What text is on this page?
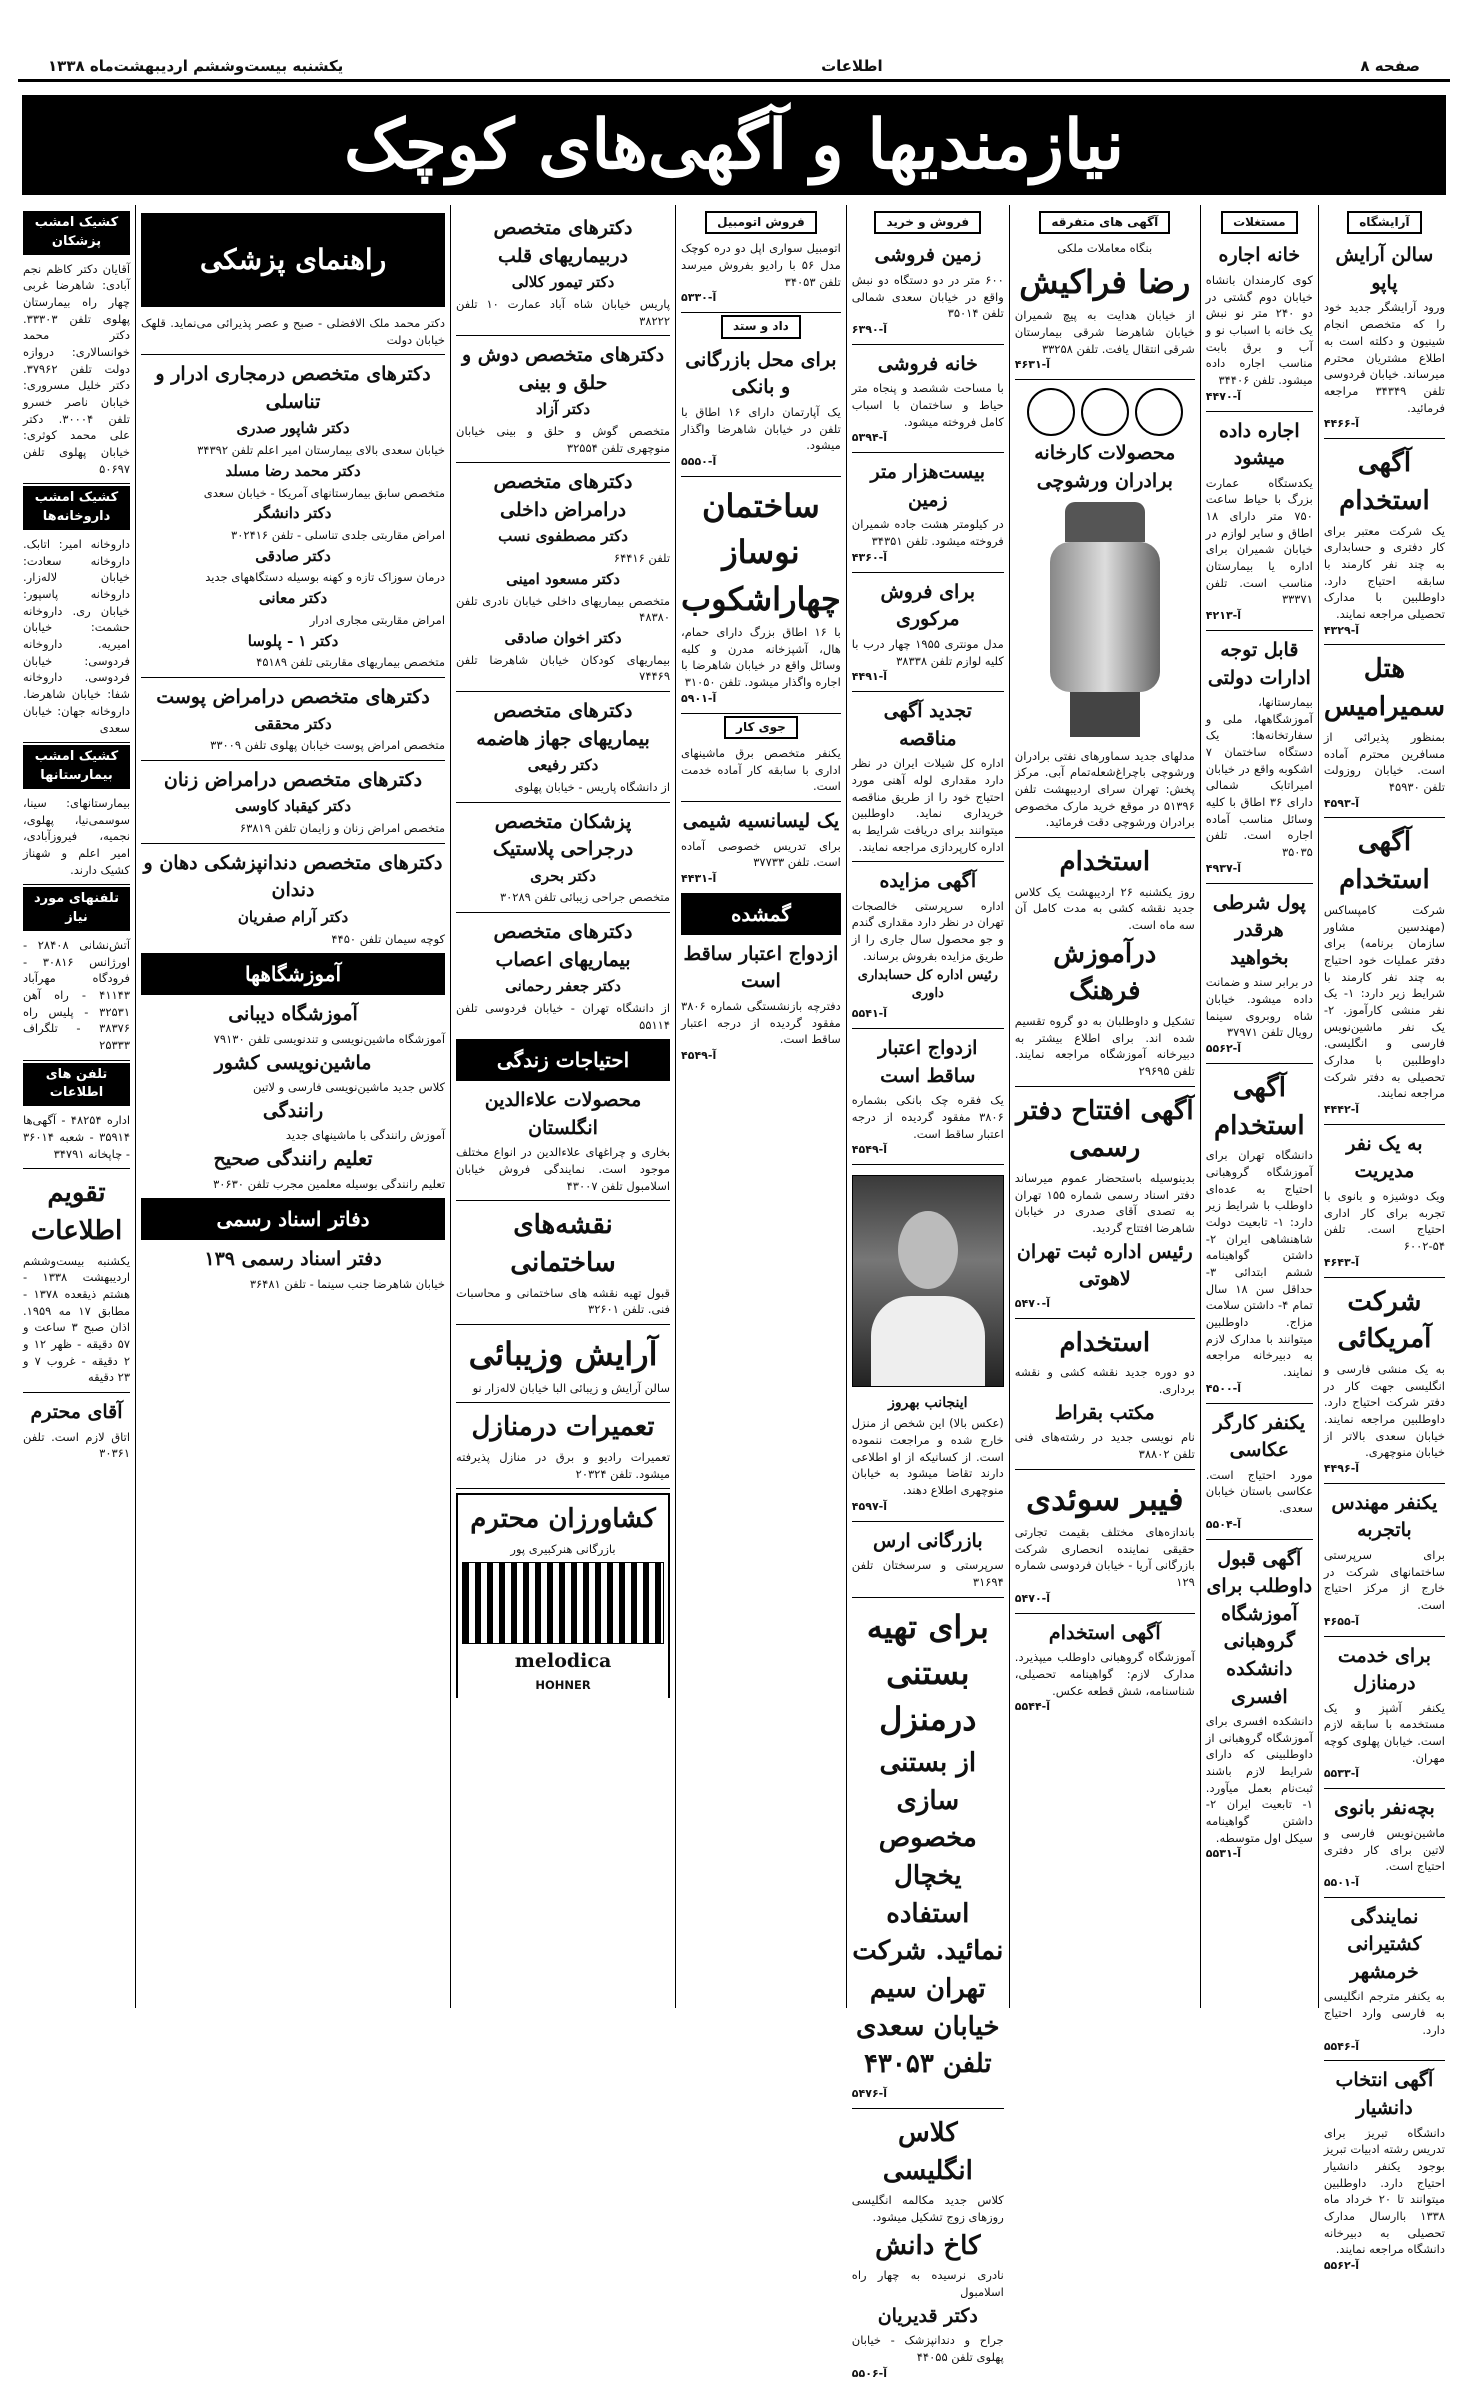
صفحه ۸
اطلاعات
یکشنبه بیست‌وششم اردیبهشت‌ماه ۱۳۳۸
نیازمندیها و آگهی‌های کوچک
آرایشگاه
سالن آرایش پاپو
ورود آرایشگر جدید خود را که متخصص انجام شینیون و دکلته است به اطلاع مشتریان محترم میرساند. خیابان فردوسی تلفن ۳۴۳۴۹ مراجعه فرمائید.
آ-۴۴۶۶
آگهی استخدام
یک شرکت معتبر برای کار دفتری و حسابداری به چند نفر کارمند با سابقه احتیاج دارد. داوطلبین با مدارک تحصیلی مراجعه نمایند.
آ-۴۳۲۹
هتل سمیرامیس
بمنظور پذیرائی از مسافرین محترم آماده است. خیابان روزولت تلفن ۴۵۹۳۰
آ-۴۵۹۳
آگهی استخدام
شرکت کامپساکس (مهندسین مشاور سازمان برنامه) برای دفتر عملیات خود احتیاج به چند نفر کارمند با شرایط زیر دارد: ۱- یک نفر منشی کارآموز. ۲- یک نفر ماشین‌نویس فارسی و انگلیسی. داوطلبین با مدارک تحصیلی به دفتر شرکت مراجعه نمایند.
آ-۴۴۴۲
به یک نفر مدیریت
ویک دوشیزه و بانوی با تجربه برای کار اداری احتیاج است. تلفن ۵۴-۶۰۰۲
آ-۴۶۴۳
شرکت آمریکائی
به یک منشی فارسی و انگلیسی جهت کار در دفتر شرکت احتیاج دارد. داوطلبین مراجعه نمایند. خیابان سعدی بالاتر از خیابان منوچهری.
آ-۴۴۹۶
یکنفر مهندس باتجربه
برای سرپرستی ساختمانهای شرکت در خارج از مرکز احتیاج است.
آ-۴۶۵۵
برای خدمت درمنازل
یکنفر آشپز و یک مستخدمه با سابقه لازم است. خیابان پهلوی کوچه مهران.
آ-۵۵۳۳
بچه‌نفر بانوی
ماشین‌نویس فارسی و لاتین برای کار دفتری احتیاج است.
آ-۵۵۰۱
نمایندگی کشتیرانی خرمشهر
به یکنفر مترجم انگلیسی به فارسی وارد احتیاج دارد.
آ-۵۵۴۶
آگهی انتخاب دانشیار
دانشگاه تبریز برای تدریس رشته ادبیات تبریز بوجود یکنفر دانشیار احتیاج دارد. داوطلبین میتوانند تا ۲۰ خرداد ماه ۱۳۳۸ باارسال مدارک تحصیلی به دبیرخانه دانشگاه مراجعه نمایند.
آ-۵۵۶۲
مستغلات
خانه اجاره
کوی کارمندان بانشاه خیابان دوم گشتی در دو ۲۴۰ متر نو نبش یک خانه با اسباب نو و آب و برق بابت مناسب اجاره داده میشود. تلفن ۳۴۴۰۶
آ-۴۴۷۰
اجاره داده میشود
یکدستگاه عمارت بزرگ با حیاط ساعت ۷۵۰ متر دارای ۱۸ اطاق و سایر لوازم در خیابان شمیران برای اداره یا بیمارستان مناسب است. تلفن ۳۳۳۷۱
آ-۴۲۱۳
قابل توجه ادارات دولتی
بیمارستانها، آموزشگاهها، ملی و سفارتخانه‌ها: یک دستگاه ساختمان ۷ اشکوبه واقع در خیابان امیراتابک شمالی دارای ۳۶ اطاق با کلیه وسائل مناسب آماده اجاره است. تلفن ۳۵۰۳۵
آ-۴۹۳۷
پول شرطی هرقدر بخواهید
در برابر سند و ضمانت داده میشود. خیابان شاه روبروی سینما رویال تلفن ۳۷۹۷۱
آ-۵۵۶۲
آگهی استخدام
دانشگاه تهران برای آموزشگاه گروهبانی احتیاج به عده‌ای داوطلب با شرایط زیر دارد: ۱- تابعیت دولت شاهنشاهی ایران ۲- داشتن گواهینامه ششم ابتدائی ۳- حداقل سن ۱۸ سال تمام ۴- داشتن سلامت مزاج. داوطلبین میتوانند با مدارک لازم به دبیرخانه مراجعه نمایند.
آ-۴۵۰۰
یکنفر کارگر عکاسی
مورد احتیاج است. عکاسی باستان خیابان سعدی.
آ-۵۵۰۴
آگهی قبول داوطلب برای آموزشگاه گروهبانی دانشکده افسری
دانشکده افسری برای آموزشگاه گروهبانی از داوطلبینی که دارای شرایط لازم باشند ثبت‌نام بعمل میآورد. ۱- تابعیت ایران ۲- داشتن گواهینامه سیکل اول متوسطه.
آ-۵۵۳۱
آگهی های متفرقه
بنگاه معاملات ملکی
رضا فراکیش
از خیابان هدایت به پیچ شمیران خیابان شاهرضا شرقی بیمارستان شرقی انتقال یافت. تلفن ۳۳۲۵۸
آ-۴۶۳۱
محصولات کارخانه برادران ورشوچی
مدلهای جدید سماورهای نفتی برادران ورشوچی باچراغ‌شعله‌تمام آبی. مرکز پخش: تهران سرای اردیبهشت تلفن ۵۱۳۹۶ در موقع خرید مارک مخصوص برادران ورشوچی دقت فرمائید.
استخدام
روز یکشنبه ۲۶ اردیبهشت یک کلاس جدید نقشه کشی به مدت کامل آن سه ماه است.
درآموزش فرهنگ
تشکیل و داوطلبان به دو گروه تقسیم شده اند. برای اطلاع بیشتر به دبیرخانه آموزشگاه مراجعه نمایند. تلفن ۲۹۶۹۵
آگهی افتتاح دفتر رسمی
بدینوسیله باستحضار عموم میرساند دفتر اسناد رسمی شماره ۱۵۵ تهران به تصدی آقای صدری در خیابان شاهرضا افتتاح گردید.
رئیس اداره ثبت تهران لاهوتی
آ-۵۴۷۰
استخدام
دو دوره جدید نقشه کشی و نقشه برداری.
مکتب بقراط
نام نویسی جدید در رشته‌های فنی تلفن ۳۸۸۰۲
فیبر سوئدی
باندازه‌های مختلف بقیمت تجارتی حقیقی نماینده انحصاری شرکت بازرگانی آریا - خیابان فردوسی شماره ۱۲۹
آ-۵۴۷۰
آگهی استخدام
آموزشگاه گروهبانی داوطلب میپذیرد. مدارک لازم: گواهینامه تحصیلی، شناسنامه، شش قطعه عکس.
آ-۵۵۴۴
فروش و خرید
زمین فروشی
۶۰۰ متر در دو دستگاه دو نبش واقع در خیابان سعدی شمالی تلفن ۳۵۰۱۴
آ-۶۳۹۰
خانه فروشی
با مساحت ششصد و پنجاه متر حیاط و ساختمان با اسباب کامل فروخته میشود.
آ-۵۳۹۴
بیست‌هزار متر زمین
در کیلومتر هشت جاده شمیران فروخته میشود. تلفن ۳۴۳۵۱
آ-۴۳۶۰
برای فروش مرکوری
مدل مونتری ۱۹۵۵ چهار درب با کلیه لوازم تلفن ۳۸۳۳۸
آ-۴۴۹۱
تجدید آگهی مناقصه
اداره کل شیلات ایران در نظر دارد مقداری لوله آهنی مورد احتیاج خود را از طریق مناقصه خریداری نماید. داوطلبین میتوانند برای دریافت شرایط به اداره کارپردازی مراجعه نمایند.
آگهی مزایده
اداره سرپرستی خالصجات تهران در نظر دارد مقداری گندم و جو محصول سال جاری را از طریق مزایده بفروش برساند.
رئیس اداره کل حسابداری داوری
آ-۵۵۴۱
ازدواج اعتبار ساقط است
یک فقره چک بانکی بشماره ۳۸۰۶ مفقود گردیده از درجه اعتبار ساقط است.
آ-۴۵۴۹
اینجانب بهروز
(عکس بالا) این شخص از منزل خارج شده و مراجعت ننموده است. از کسانیکه از او اطلاعی دارند تقاضا میشود به خیابان منوچهری اطلاع دهند.
آ-۴۵۹۷
بازرگانی ارس
سرپرستی و سرسختان تلفن ۳۱۶۹۴
برای تهیه بستنی درمنزل
از بستنی سازی مخصوص یخچال استفاده نمائید. شرکت تهران سیم خیابان سعدی تلفن ۴۳۰۵۳
آ-۵۴۷۶
کلاس انگلیسی
کلاس جدید مکالمه انگلیسی روزهای زوج تشکیل میشود.
کاخ دانش
نادری نرسیده به چهار راه اسلامبول
دکتر قدیریان
جراح و دندانپزشک - خیابان پهلوی تلفن ۴۴۰۵۵
آ-۵۵۰۶
فروش اتومبیل
اتومبیل سواری اپل دو دره کوچک مدل ۵۶ با رادیو بفروش میرسد تلفن ۳۴۰۵۳
آ-۵۳۳۰
داد و ستد
برای محل بازرگانی و بانکی
یک آپارتمان دارای ۱۶ اطاق با تلفن در خیابان شاهرضا واگذار میشود.
آ-۵۵۵۰
ساختمان نوساز چهاراشکوب
با ۱۶ اطاق بزرگ دارای حمام، هال، آشپزخانه مدرن و کلیه وسائل واقع در خیابان شاهرضا با اجاره واگذار میشود. تلفن ۳۱۰۵۰
آ-۵۹۰۱
جوی کار
یکنفر متخصص برق ماشینهای اداری با سابقه کار آماده خدمت است.
یک لیسانسیه شیمی
برای تدریس خصوصی آماده است. تلفن ۳۷۷۳۳
آ-۴۴۳۱
گمشده
ازدواج اعتبار ساقط است
دفترچه بازنشستگی شماره ۳۸۰۶ مفقود گردیده از درجه اعتبار ساقط است.
آ-۴۵۴۹
دکترهای متخصص دربیماریهای قلب
دکتر تیمور کلالی
پاریس خیابان شاه آباد عمارت ۱۰ تلفن ۳۸۲۲۲
دکترهای متخصص دوش و حلق و بینی
دکتر آزاد
متخصص گوش و حلق و بینی خیابان منوچهری تلفن ۳۲۵۵۴
دکترهای متخصص درامراض داخلی
دکتر مصطفوی نسب
تلفن ۶۴۴۱۶
دکتر مسعود امینی
متخصص بیماریهای داخلی خیابان نادری تلفن ۴۸۳۸۰
دکتر اخوان صادقی
بیماریهای کودکان خیابان شاهرضا تلفن ۷۴۴۶۹
دکترهای متخصص بیماریهای جهاز هاضمه
دکتر رفیعی
از دانشگاه پاریس - خیابان پهلوی
پزشکان متخصص درجراحی پلاستیک
دکتر بحری
متخصص جراحی زیبائی تلفن ۳۰۲۸۹
دکترهای متخصص بیماریهای اعصاب
دکتر جعفر رحمانی
از دانشگاه تهران - خیابان فردوسی تلفن ۵۵۱۱۴
احتیاجات زندگی
محصولات علاءالدین انگلستان
بخاری و چراغهای علاءالدین در انواع مختلف موجود است. نمایندگی فروش خیابان اسلامبول تلفن ۴۳۰۰۷
نقشه‌های ساختمانی
قبول تهیه نقشه های ساختمانی و محاسبات فنی. تلفن ۳۲۶۰۱
آرایش وزیبائی
سالن آرایش و زیبائی البا خیابان لاله‌زار نو
تعمیرات درمنازل
تعمیرات رادیو و برق در منازل پذیرفته میشود. تلفن ۲۰۳۲۴
کشاورزان محترم
بازرگانی هنرکبیری پور
melodica
HOHNER
راهنمای پزشکی
دکتر محمد ملک الافضلی - صبح و عصر پذیرائی می‌نماید. قلهک خیابان دولت
دکترهای متخصص درمجاری ادرار و تناسلی
دکتر شاپور صدری
خیابان سعدی بالای بیمارستان امیر اعلم تلفن ۳۴۳۹۲
دکتر محمد رضا مسلد
متخصص سابق بیمارستانهای آمریکا - خیابان سعدی
دکتر دانشگر
امراض مقاربتی جلدی تناسلی - تلفن ۳۰۲۴۱۶
دکتر صادقی
درمان سوزاک تازه و کهنه بوسیله دستگاههای جدید
دکتر معانی
امراض مقاربتی مجاری ادرار
دکتر ۱ - پلوسا
متخصص بیماریهای مقاربتی تلفن ۴۵۱۸۹
دکترهای متخصص درامراض پوست
دکتر محققی
متخصص امراض پوست خیابان پهلوی تلفن ۳۳۰۰۹
دکترهای متخصص درامراض زنان
دکتر کیقباد کاوسی
متخصص امراض زنان و زایمان تلفن ۶۳۸۱۹
دکترهای متخصص دندانپزشکی دهان و دندان
دکتر آرام صفریان
کوچه سیمان تلفن ۴۴۵۰
آموزشگاهها
آموزشگاه دیبانی
آموزشگاه ماشین‌نویسی و تندنویسی تلفن ۷۹۱۳۰
ماشین‌نویسی کشور
کلاس جدید ماشین‌نویسی فارسی و لاتین
رانندگی
آموزش رانندگی با ماشینهای جدید
تعلیم رانندگی صحیح
تعلیم رانندگی بوسیله معلمین مجرب تلفن ۳۰۶۳۰
دفاتر اسناد رسمی
دفتر اسناد رسمی ۱۳۹
خیابان شاهرضا جنب سینما - تلفن ۳۶۴۸۱
کشیک امشب پزشکان
آقایان دکتر کاظم نجم آبادی: شاهرضا غربی چهار راه بیمارستان پهلوی تلفن ۳۳۳۰۳. دکتر محمد خوانسالاری: دروازه دولت تلفن ۳۷۹۶۲. دکتر خلیل مسروری: خیابان ناصر خسرو تلفن ۳۰۰۰۴. دکتر علی محمد کوثری: خیابان پهلوی تلفن ۵۰۶۹۷
کشیک امشب داروخانه‌ها
داروخانه امیر: اتابک. داروخانه سعادت: خیابان لاله‌زار. داروخانه پاسپور: خیابان ری. داروخانه حشمت: خیابان امیریه. داروخانه فردوسی: خیابان فردوسی. داروخانه شفا: خیابان شاهرضا. داروخانه جهان: خیابان سعدی
کشیک امشب بیمارستانها
بیمارستانهای: سینا، سوسمی‌نیا، پهلوی، نجمیه، فیروزآبادی، امیر اعلم و شهناز کشیک دارند.
تلفنهای مورد نیاز
آتش‌نشانی ۲۸۴۰۸ - اورژانس ۳۰۸۱۶ - فرودگاه مهرآباد ۴۱۱۴۳ - راه آهن ۳۲۵۳۱ - پلیس راه ۳۸۳۷۶ - تلگراف ۲۵۳۳۳
تلفن های اطلاعات
اداره ۴۸۲۵۴ - آگهی‌ها ۳۵۹۱۴ - شعبه ۳۶۰۱۴ - چاپخانه ۳۴۷۹۱
تقویم اطلاعات
یکشنبه بیست‌وششم اردیبهشت ۱۳۳۸ - هشتم ذیقعده ۱۳۷۸ - مطابق ۱۷ مه ۱۹۵۹. اذان صبح ۳ ساعت و ۵۷ دقیقه - ظهر ۱۲ و ۲ دقیقه - غروب ۷ و ۲۳ دقیقه
آقای محترم
اتاق لازم است. تلفن ۳۰۳۶۱
